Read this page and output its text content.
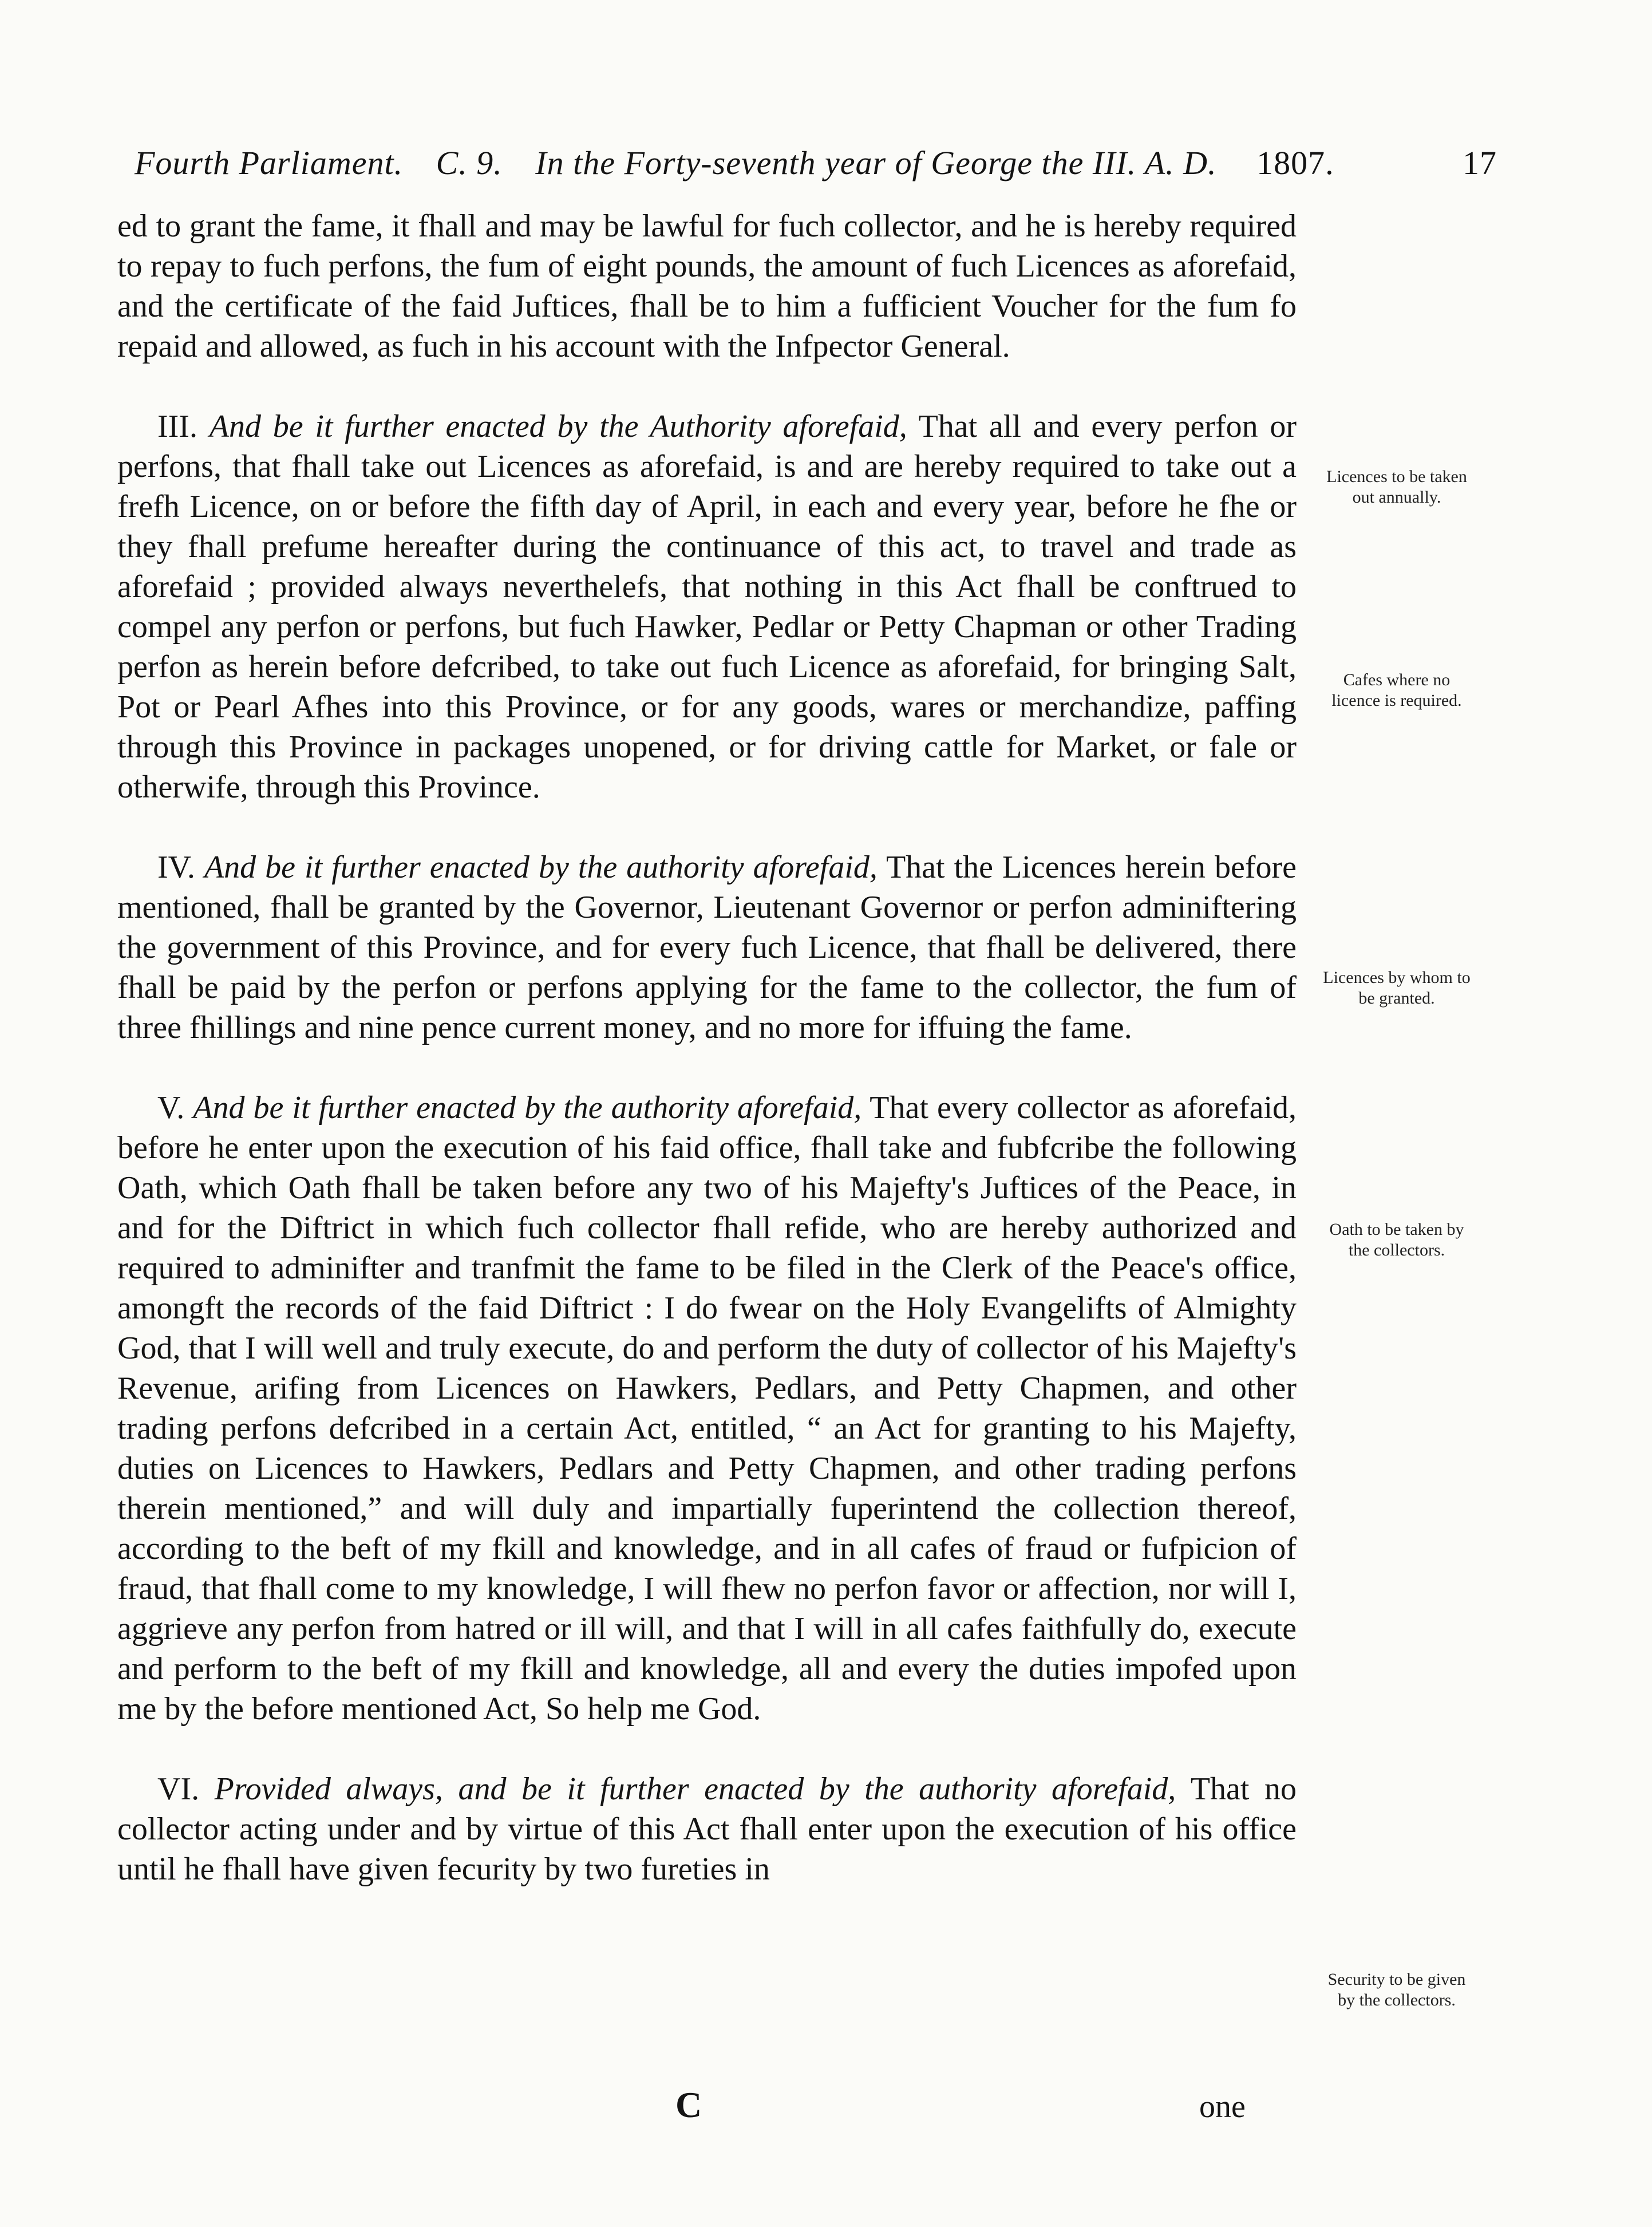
Fourth Parliament. C. 9. In the Forty-seventh year of George the III. A. D. 1807.	17

ed to grant the fame, it fhall and may be lawful for fuch collector, and he is hereby required to repay to fuch perfons, the fum of eight pounds, the amount of fuch Licences as aforefaid, and the certificate of the faid Juftices, fhall be to him a fufficient Voucher for the fum fo repaid and allowed, as fuch in his account with the Infpector General.

III. And be it further enacted by the Authority aforefaid, That all and every perfon or perfons, that fhall take out Licences as aforefaid, is and are hereby required to take out a frefh Licence, on or before the fifth day of April, in each and every year, before he fhe or they fhall prefume hereafter during the continuance of this act, to travel and trade as aforefaid ; provided always neverthelefs, that nothing in this Act fhall be conftrued to compel any perfon or perfons, but fuch Hawker, Pedlar or Petty Chapman or other Trading perfon as herein before defcribed, to take out fuch Licence as aforefaid, for bringing Salt, Pot or Pearl Afhes into this Province, or for any goods, wares or merchandize, paffing through this Province in packages unopened, or for driving cattle for Market, or fale or otherwife, through this Province.

IV. And be it further enacted by the authority aforefaid, That the Licences herein before mentioned, fhall be granted by the Governor, Lieutenant Governor or perfon adminiftering the government of this Province, and for every fuch Licence, that fhall be delivered, there fhall be paid by the perfon or perfons applying for the fame to the collector, the fum of three fhillings and nine pence current money, and no more for iffuing the fame.

V. And be it further enacted by the authority aforefaid, That every collector as aforefaid, before he enter upon the execution of his faid office, fhall take and fubfcribe the following Oath, which Oath fhall be taken before any two of his Majefty's Juftices of the Peace, in and for the Diftrict in which fuch collector fhall refide, who are hereby authorized and required to adminifter and tranfmit the fame to be filed in the Clerk of the Peace's office, amongft the records of the faid Diftrict : I do fwear on the Holy Evangelifts of Almighty God, that I will well and truly execute, do and perform the duty of collector of his Majefty's Revenue, arifing from Licences on Hawkers, Pedlars, and Petty Chapmen, and other trading perfons defcribed in a certain Act, entitled, “ an Act for granting to his Majefty, duties on Licences to Hawkers, Pedlars and Petty Chapmen, and other trading perfons therein mentioned,” and will duly and impartially fuperintend the collection thereof, according to the beft of my fkill and knowledge, and in all cafes of fraud or fufpicion of fraud, that fhall come to my knowledge, I will fhew no perfon favor or affection, nor will I, aggrieve any perfon from hatred or ill will, and that I will in all cafes faithfully do, execute and perform to the beft of my fkill and knowledge, all and every the duties impofed upon me by the before mentioned Act, So help me God.

VI. Provided always, and be it further enacted by the authority aforefaid, That no collector acting under and by virtue of this Act fhall enter upon the execution of his office until he fhall have given fecurity by two fureties in

Licences to be taken out annually.
Cafes where no licence is required.
Licences by whom to be granted.
Oath to be taken by the collectors.
Security to be given by the collectors.
C	one
